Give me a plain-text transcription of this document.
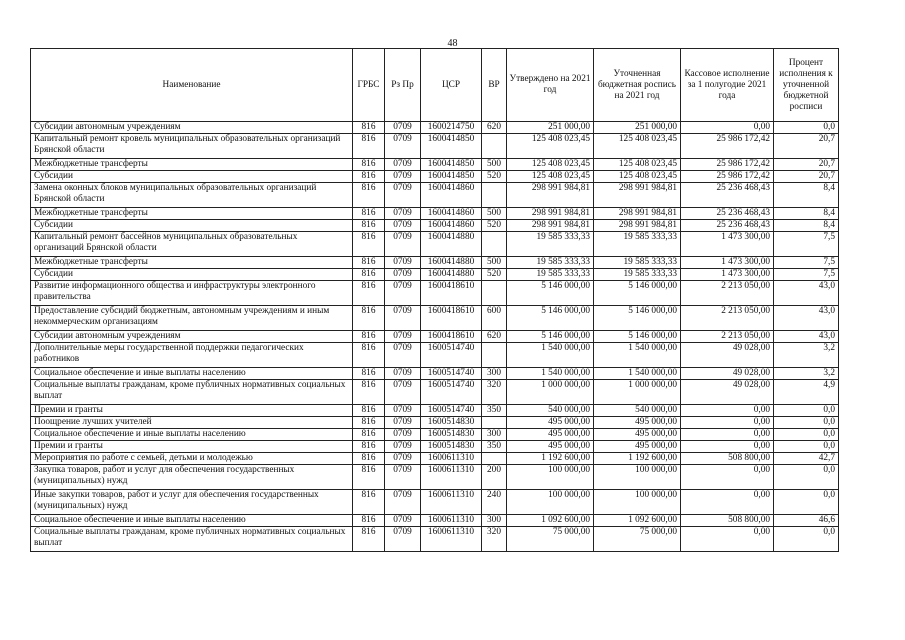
48
Наименование	ГРБС	Рз Пр	ЦСР	ВР	Утверждено на 2021 год	Уточненная бюджетная роспись на 2021 год	Кассовое исполнение за 1 полугодие 2021 года	Процент исполнения к уточненной бюджетной росписи
Субсидии автономным учреждениям	816	0709	1600214750	620	251 000,00	251 000,00	0,00	0,0
Капитальный ремонт кровель муниципальных образовательных организаций Брянской области	816	0709	1600414850		125 408 023,45	125 408 023,45	25 986 172,42	20,7
Межбюджетные трансферты	816	0709	1600414850	500	125 408 023,45	125 408 023,45	25 986 172,42	20,7
Субсидии	816	0709	1600414850	520	125 408 023,45	125 408 023,45	25 986 172,42	20,7
Замена оконных блоков муниципальных образовательных организаций Брянской области	816	0709	1600414860		298 991 984,81	298 991 984,81	25 236 468,43	8,4
Межбюджетные трансферты	816	0709	1600414860	500	298 991 984,81	298 991 984,81	25 236 468,43	8,4
Субсидии	816	0709	1600414860	520	298 991 984,81	298 991 984,81	25 236 468,43	8,4
Капитальный ремонт бассейнов муниципальных образовательных организаций Брянской области	816	0709	1600414880		19 585 333,33	19 585 333,33	1 473 300,00	7,5
Межбюджетные трансферты	816	0709	1600414880	500	19 585 333,33	19 585 333,33	1 473 300,00	7,5
Субсидии	816	0709	1600414880	520	19 585 333,33	19 585 333,33	1 473 300,00	7,5
Развитие информационного общества и инфраструктуры электронного правительства	816	0709	1600418610		5 146 000,00	5 146 000,00	2 213 050,00	43,0
Предоставление субсидий бюджетным, автономным учреждениям и иным некоммерческим организациям	816	0709	1600418610	600	5 146 000,00	5 146 000,00	2 213 050,00	43,0
Субсидии автономным учреждениям	816	0709	1600418610	620	5 146 000,00	5 146 000,00	2 213 050,00	43,0
Дополнительные меры государственной поддержки педагогических работников	816	0709	1600514740		1 540 000,00	1 540 000,00	49 028,00	3,2
Социальное обеспечение и иные выплаты населению	816	0709	1600514740	300	1 540 000,00	1 540 000,00	49 028,00	3,2
Социальные выплаты гражданам, кроме публичных нормативных социальных выплат	816	0709	1600514740	320	1 000 000,00	1 000 000,00	49 028,00	4,9
Премии и гранты	816	0709	1600514740	350	540 000,00	540 000,00	0,00	0,0
Поощрение лучших учителей	816	0709	1600514830		495 000,00	495 000,00	0,00	0,0
Социальное обеспечение и иные выплаты населению	816	0709	1600514830	300	495 000,00	495 000,00	0,00	0,0
Премии и гранты	816	0709	1600514830	350	495 000,00	495 000,00	0,00	0,0
Мероприятия по работе с семьей, детьми и молодежью	816	0709	1600611310		1 192 600,00	1 192 600,00	508 800,00	42,7
Закупка товаров, работ и услуг для обеспечения государственных (муниципальных) нужд	816	0709	1600611310	200	100 000,00	100 000,00	0,00	0,0
Иные закупки товаров, работ и услуг для обеспечения государственных (муниципальных) нужд	816	0709	1600611310	240	100 000,00	100 000,00	0,00	0,0
Социальное обеспечение и иные выплаты населению	816	0709	1600611310	300	1 092 600,00	1 092 600,00	508 800,00	46,6
Социальные выплаты гражданам, кроме публичных нормативных социальных выплат	816	0709	1600611310	320	75 000,00	75 000,00	0,00	0,0
